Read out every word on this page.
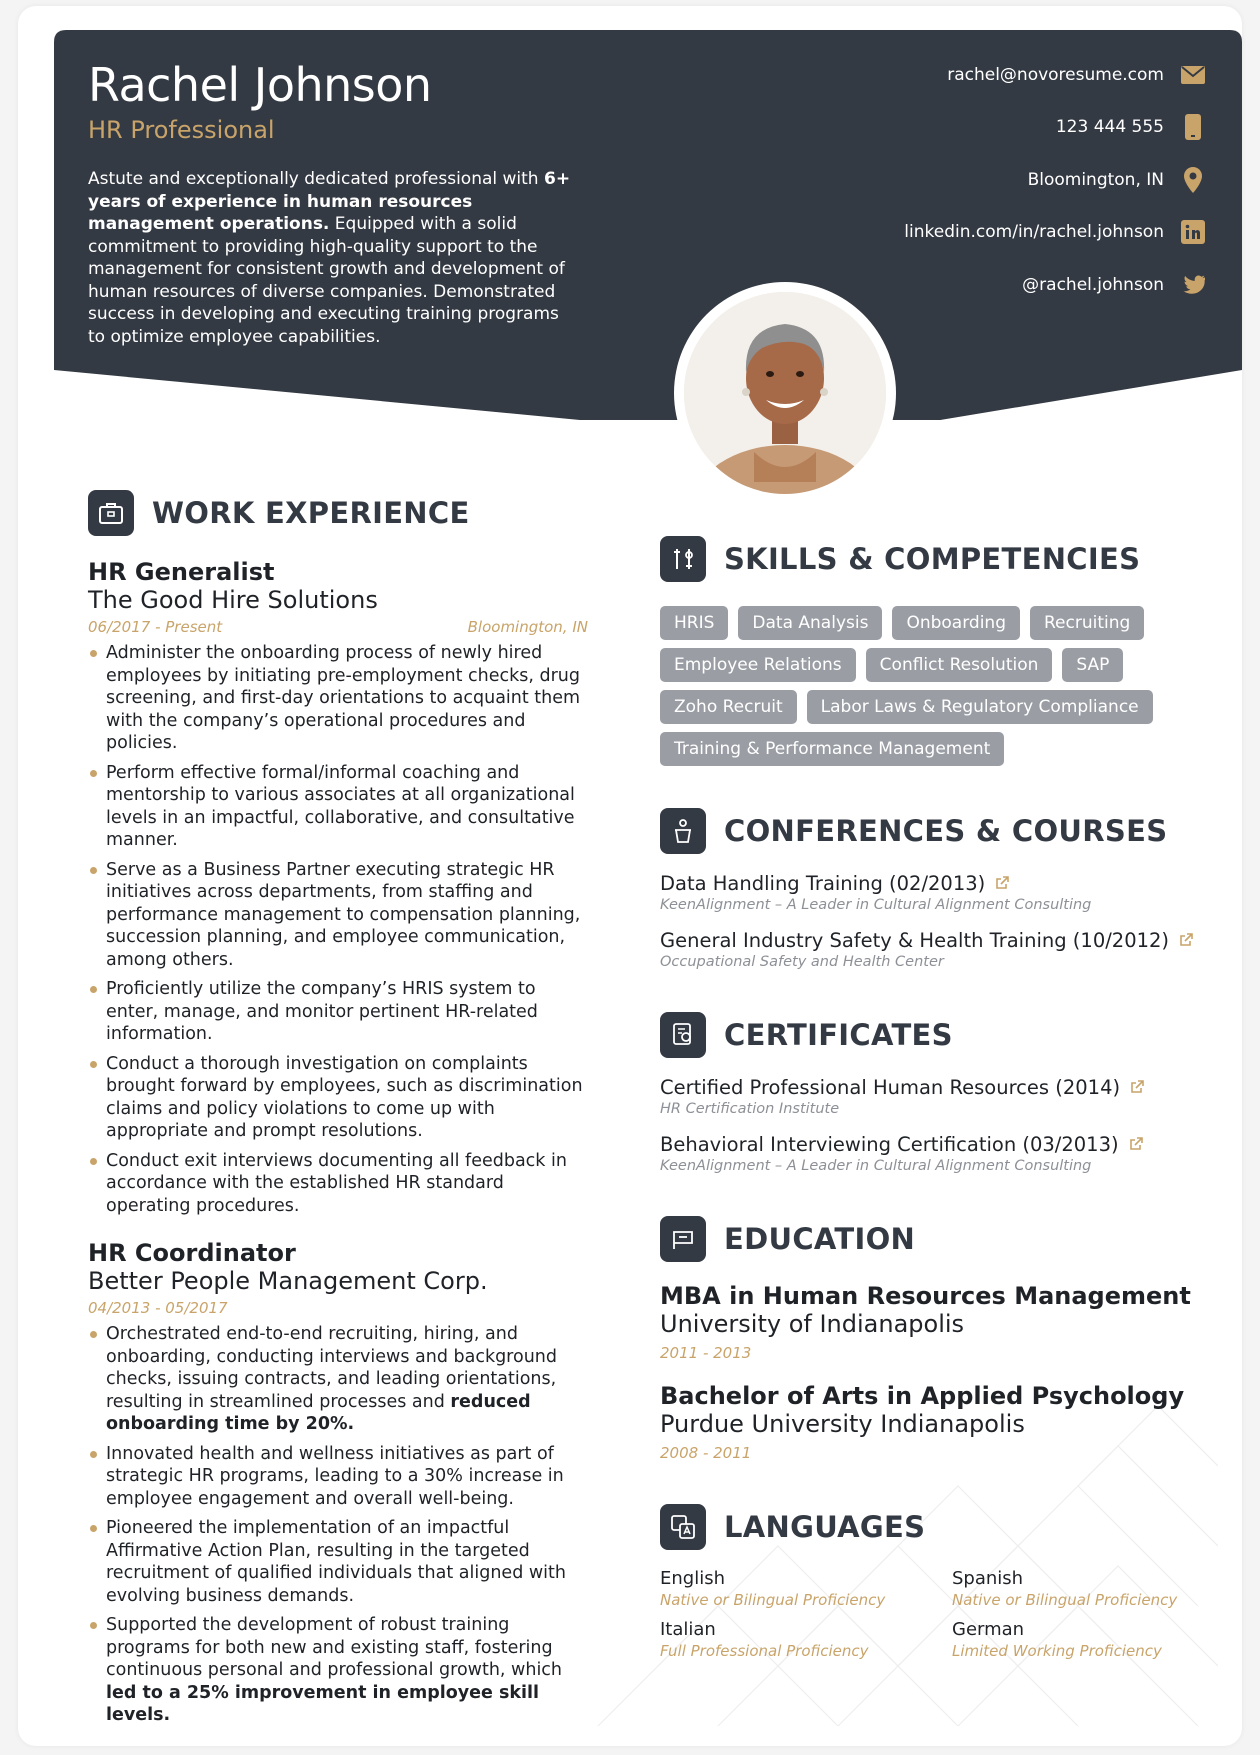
Rachel Johnson
HR Professional
Astute and exceptionally dedicated professional with 6+ years of experience in human resources management operations. Equipped with a solid commitment to providing high-quality support to the management for consistent growth and development of human resources of diverse companies. Demonstrated success in developing and executing training programs to optimize employee capabilities.
rachel@novoresume.com
123 444 555
Bloomington, IN
linkedin.com/in/rachel.johnson
@rachel.johnson
WORK EXPERIENCE
HR Generalist
The Good Hire Solutions
06/2017 - Present	Bloomington, IN
Administer the onboarding process of newly hired employees by initiating pre-employment checks, drug screening, and first-day orientations to acquaint them with the company’s operational procedures and policies.
Perform effective formal/informal coaching and mentorship to various associates at all organizational levels in an impactful, collaborative, and consultative manner.
Serve as a Business Partner executing strategic HR initiatives across departments, from staffing and performance management to compensation planning, succession planning, and employee communication, among others.
Proficiently utilize the company’s HRIS system to enter, manage, and monitor pertinent HR-related information.
Conduct a thorough investigation on complaints brought forward by employees, such as discrimination claims and policy violations to come up with appropriate and prompt resolutions.
Conduct exit interviews documenting all feedback in accordance with the established HR standard operating procedures.
HR Coordinator
Better People Management Corp.
04/2013 - 05/2017
Orchestrated end-to-end recruiting, hiring, and onboarding, conducting interviews and background checks, issuing contracts, and leading orientations, resulting in streamlined processes and reduced onboarding time by 20%.
Innovated health and wellness initiatives as part of strategic HR programs, leading to a 30% increase in employee engagement and overall well-being.
Pioneered the implementation of an impactful Affirmative Action Plan, resulting in the targeted recruitment of qualified individuals that aligned with evolving business demands.
Supported the development of robust training programs for both new and existing staff, fostering continuous personal and professional growth, which led to a 25% improvement in employee skill levels.
SKILLS & COMPETENCIES
HRIS	Data Analysis	Onboarding	Recruiting
Employee Relations	Conflict Resolution	SAP
Zoho Recruit	Labor Laws & Regulatory Compliance
Training & Performance Management
CONFERENCES & COURSES
Data Handling Training (02/2013)
KeenAlignment – A Leader in Cultural Alignment Consulting
General Industry Safety & Health Training (10/2012)
Occupational Safety and Health Center
CERTIFICATES
Certified Professional Human Resources (2014)
HR Certification Institute
Behavioral Interviewing Certification (03/2013)
KeenAlignment – A Leader in Cultural Alignment Consulting
EDUCATION
MBA in Human Resources Management
University of Indianapolis
2011 - 2013
Bachelor of Arts in Applied Psychology
Purdue University Indianapolis
2008 - 2011
LANGUAGES
English
Native or Bilingual Proficiency
Spanish
Native or Bilingual Proficiency
Italian
Full Professional Proficiency
German
Limited Working Proficiency
